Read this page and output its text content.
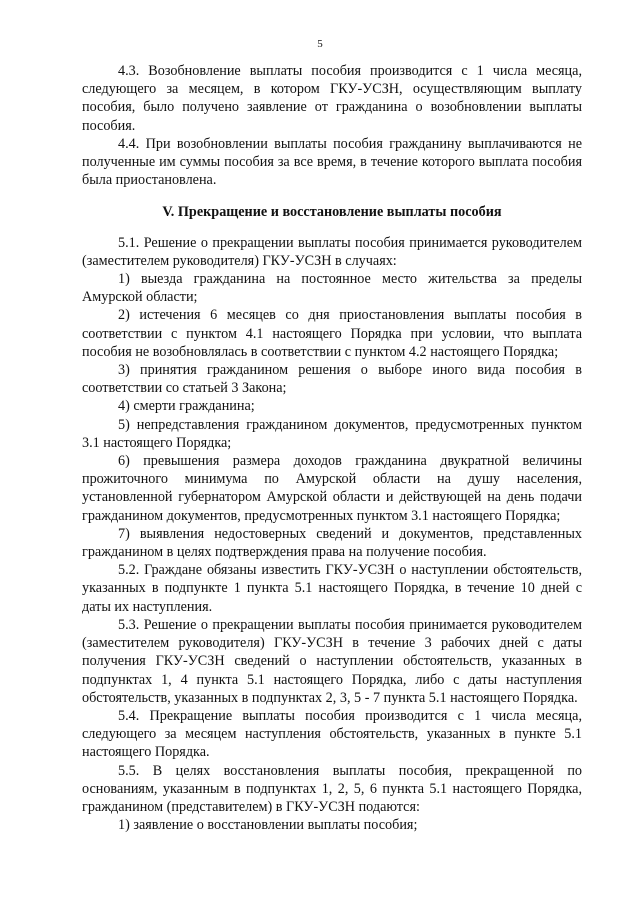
5

4.3. Возобновление выплаты пособия производится с 1 числа месяца, следующего за месяцем, в котором ГКУ-УСЗН, осуществляющим выплату пособия, было получено заявление от гражданина о возобновлении выплаты пособия.

4.4. При возобновлении выплаты пособия гражданину выплачиваются не полученные им суммы пособия за все время, в течение которого выплата пособия была приостановлена.

V. Прекращение и восстановление выплаты пособия

5.1. Решение о прекращении выплаты пособия принимается руководителем (заместителем руководителя) ГКУ-УСЗН в случаях:

1) выезда гражданина на постоянное место жительства за пределы Амурской области;

2) истечения 6 месяцев со дня приостановления выплаты пособия в соответствии с пунктом 4.1 настоящего Порядка при условии, что выплата пособия не возобновлялась в соответствии с пунктом 4.2 настоящего Порядка;

3) принятия гражданином решения о выборе иного вида пособия в соответствии со статьей 3 Закона;

4) смерти гражданина;

5) непредставления гражданином документов, предусмотренных пунктом 3.1 настоящего Порядка;

6) превышения размера доходов гражданина двукратной величины прожиточного минимума по Амурской области на душу населения, установленной губернатором Амурской области и действующей на день подачи гражданином документов, предусмотренных пунктом 3.1 настоящего Порядка;

7) выявления недостоверных сведений и документов, представленных гражданином в целях подтверждения права на получение пособия.

5.2. Граждане обязаны известить ГКУ-УСЗН о наступлении обстоятельств, указанных в подпункте 1 пункта 5.1 настоящего Порядка, в течение 10 дней с даты их наступления.

5.3. Решение о прекращении выплаты пособия принимается руководителем (заместителем руководителя) ГКУ-УСЗН в течение 3 рабочих дней с даты получения ГКУ-УСЗН сведений о наступлении обстоятельств, указанных в подпунктах 1, 4 пункта 5.1 настоящего Порядка, либо с даты наступления обстоятельств, указанных в подпунктах 2, 3, 5 - 7 пункта 5.1 настоящего Порядка.

5.4. Прекращение выплаты пособия производится с 1 числа месяца, следующего за месяцем наступления обстоятельств, указанных в пункте 5.1 настоящего Порядка.

5.5. В целях восстановления выплаты пособия, прекращенной по основаниям, указанным в подпунктах 1, 2, 5, 6 пункта 5.1 настоящего Порядка, гражданином (представителем) в ГКУ-УСЗН подаются:

1) заявление о восстановлении выплаты пособия;
